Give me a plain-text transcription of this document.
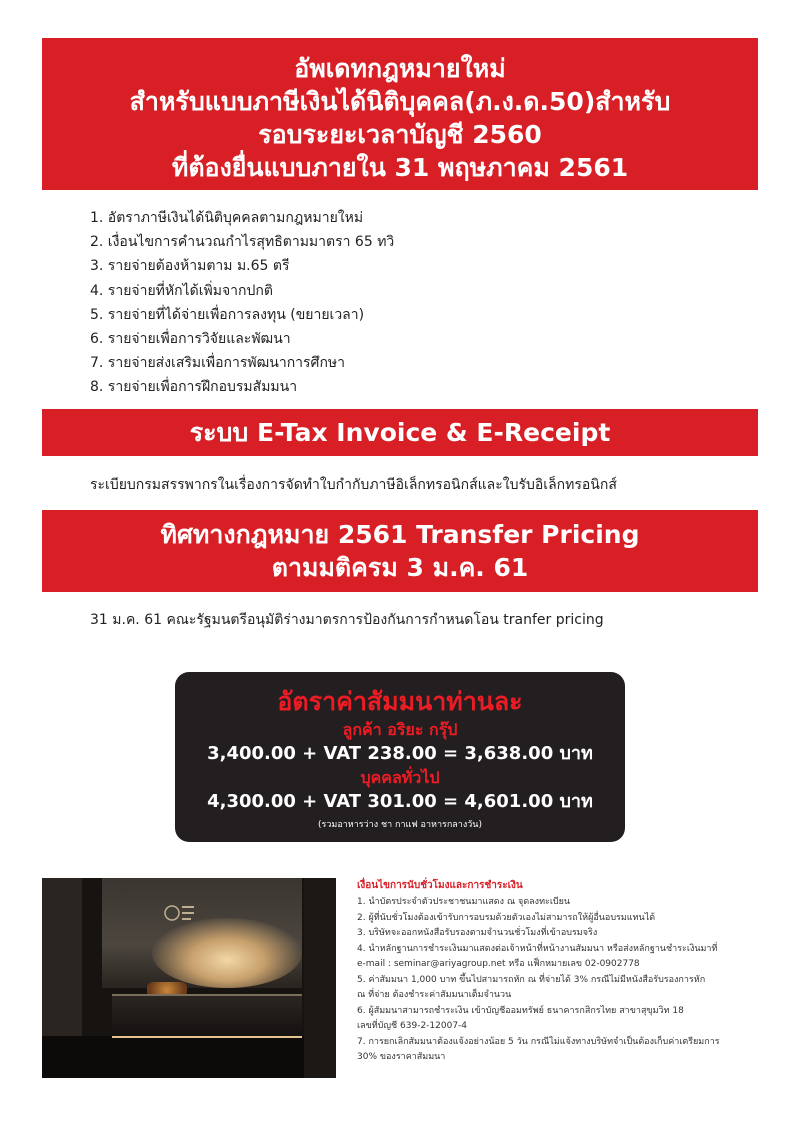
อัพเดทกฎหมายใหม่
สำหรับแบบภาษีเงินได้นิติบุคคล(ภ.ง.ด.50)สำหรับ
รอบระยะเวลาบัญชี 2560
ที่ต้องยื่นแบบภายใน 31 พฤษภาคม 2561
1. อัตราภาษีเงินได้นิติบุคคลตามกฎหมายใหม่
2. เงื่อนไขการคำนวณกำไรสุทธิตามมาตรา 65 ทวิ
3. รายจ่ายต้องห้ามตาม ม.65 ตรี
4. รายจ่ายที่หักได้เพิ่มจากปกติ
5. รายจ่ายที่ได้จ่ายเพื่อการลงทุน (ขยายเวลา)
6. รายจ่ายเพื่อการวิจัยและพัฒนา
7. รายจ่ายส่งเสริมเพื่อการพัฒนาการศึกษา
8. รายจ่ายเพื่อการฝึกอบรมสัมมนา
ระบบ E-Tax Invoice & E-Receipt
ระเบียบกรมสรรพากรในเรื่องการจัดทำใบกำกับภาษีอิเล็กทรอนิกส์และใบรับอิเล็กทรอนิกส์
ทิศทางกฎหมาย 2561 Transfer Pricing
ตามมติครม 3 ม.ค. 61
31 ม.ค. 61 คณะรัฐมนตรีอนุมัติร่างมาตรการป้องกันการกำหนดโอน tranfer pricing
อัตราค่าสัมมนาท่านละ
ลูกค้า อริยะ กรุ๊ป
3,400.00 + VAT 238.00 = 3,638.00 บาท
บุคคลทั่วไป
4,300.00 + VAT 301.00 = 4,601.00 บาท
(รวมอาหารว่าง ชา กาแฟ อาหารกลางวัน)
เงื่อนไขการนับชั่วโมงและการชำระเงิน
1. นำบัตรประจำตัวประชาชนมาแสดง ณ จุดลงทะเบียน
2. ผู้ที่นับชั่วโมงต้องเข้ารับการอบรมด้วยตัวเองไม่สามารถให้ผู้อื่นอบรมแทนได้
3. บริษัทจะออกหนังสือรับรองตามจำนวนชั่วโมงที่เข้าอบรมจริง
4. นำหลักฐานการชำระเงินมาแสดงต่อเจ้าหน้าที่หน้างานสัมมนา หรือส่งหลักฐานชำระเงินมาที่
e-mail : seminar@ariyagroup.net หรือ แฟ็กหมายเลข 02-0902778
5. ค่าสัมมนา 1,000 บาท ขึ้นไปสามารถหัก ณ ที่จ่ายได้ 3% กรณีไม่มีหนังสือรับรองการหัก
ณ ที่จ่าย ต้องชำระค่าสัมมนาเต็มจำนวน
6. ผู้สัมมนาสามารถชำระเงิน เข้าบัญชีออมทรัพย์ ธนาคารกสิกรไทย สาขาสุขุมวิท 18
เลขที่บัญชี 639-2-12007-4
7. การยกเลิกสัมมนาต้องแจ้งอย่างน้อย 5 วัน กรณีไม่แจ้งทางบริษัทจำเป็นต้องเก็บค่าเตรียมการ
30% ของราคาสัมมนา
